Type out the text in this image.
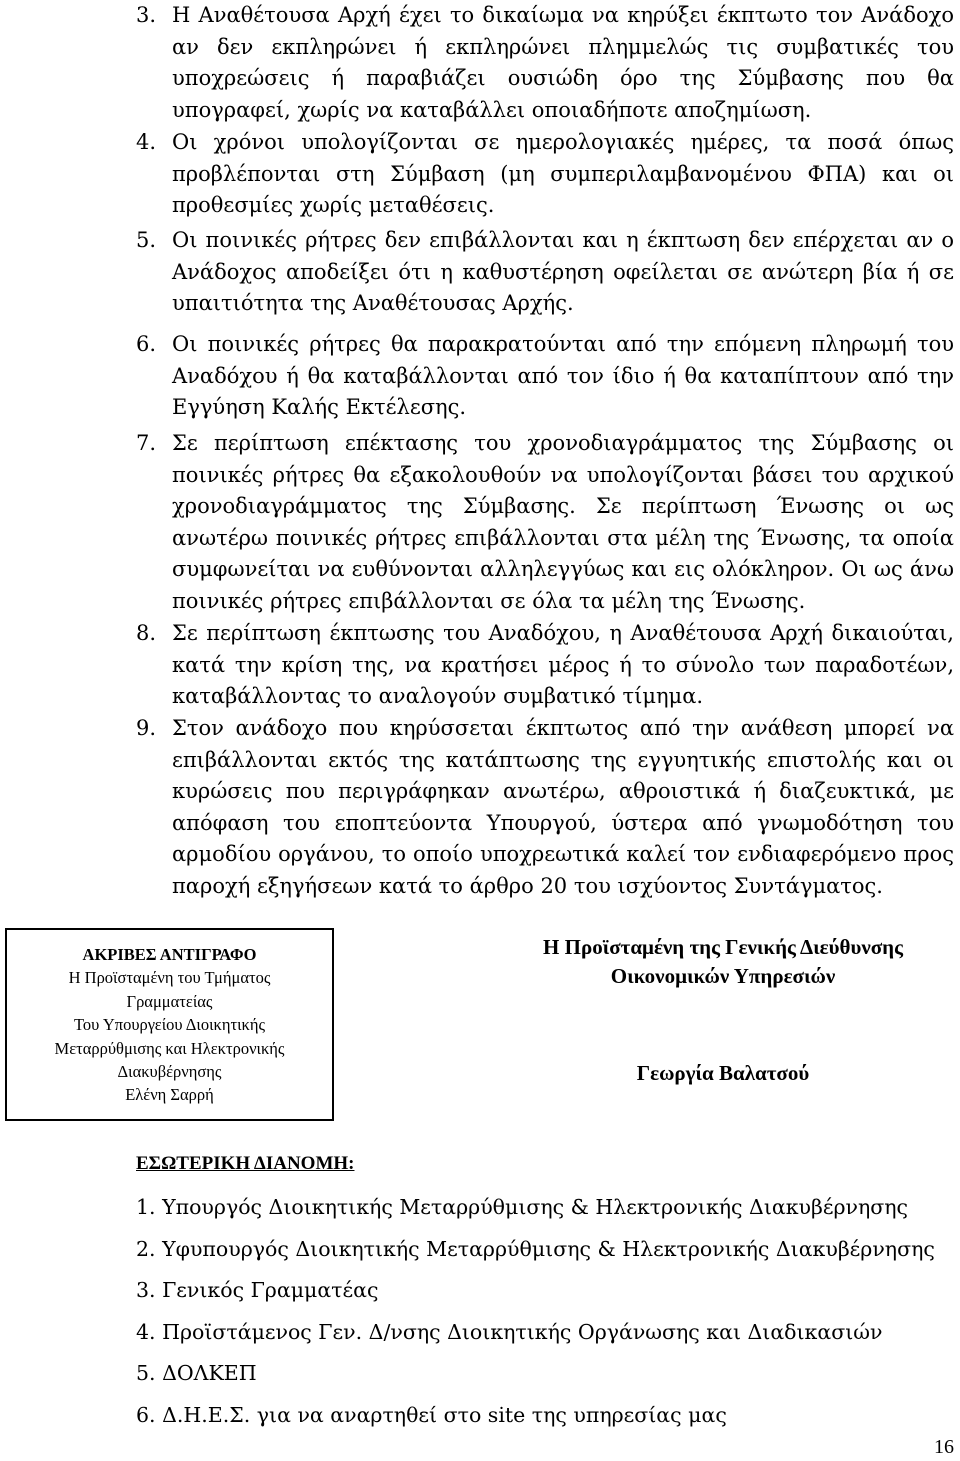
3. Η Αναθέτουσα Αρχή έχει το δικαίωμα να κηρύξει έκπτωτο τον Ανάδοχο αν δεν εκπληρώνει ή εκπληρώνει πλημμελώς τις συμβατικές του υποχρεώσεις ή παραβιάζει ουσιώδη όρο της Σύμβασης που θα υπογραφεί, χωρίς να καταβάλλει οποιαδήποτε αποζημίωση.
4. Οι χρόνοι υπολογίζονται σε ημερολογιακές ημέρες, τα ποσά όπως προβλέπονται στη Σύμβαση (μη συμπεριλαμβανομένου ΦΠΑ) και οι προθεσμίες χωρίς μεταθέσεις.
5. Οι ποινικές ρήτρες δεν επιβάλλονται και η έκπτωση δεν επέρχεται αν ο Ανάδοχος αποδείξει ότι η καθυστέρηση οφείλεται σε ανώτερη βία ή σε υπαιτιότητα της Αναθέτουσας Αρχής.
6. Οι ποινικές ρήτρες θα παρακρατούνται από την επόμενη πληρωμή του Αναδόχου ή θα καταβάλλονται από τον ίδιο ή θα καταπίπτουν από την Εγγύηση Καλής Εκτέλεσης.
7. Σε περίπτωση επέκτασης του χρονοδιαγράμματος της Σύμβασης οι ποινικές ρήτρες θα εξακολουθούν να υπολογίζονται βάσει του αρχικού χρονοδιαγράμματος της Σύμβασης. Σε περίπτωση Ένωσης οι ως ανωτέρω ποινικές ρήτρες επιβάλλονται στα μέλη της Ένωσης, τα οποία συμφωνείται να ευθύνονται αλληλεγγύως και εις ολόκληρον. Οι ως άνω ποινικές ρήτρες επιβάλλονται σε όλα τα μέλη της Ένωσης.
8. Σε περίπτωση έκπτωσης του Αναδόχου, η Αναθέτουσα Αρχή δικαιούται, κατά την κρίση της, να κρατήσει μέρος ή το σύνολο των παραδοτέων, καταβάλλοντας το αναλογούν συμβατικό τίμημα.
9. Στον ανάδοχο που κηρύσσεται έκπτωτος από την ανάθεση μπορεί να επιβάλλονται εκτός της κατάπτωσης της εγγυητικής επιστολής και οι κυρώσεις που περιγράφηκαν ανωτέρω, αθροιστικά ή διαζευκτικά, με απόφαση του εποπτεύοντα Υπουργού, ύστερα από γνωμοδότηση του αρμοδίου οργάνου, το οποίο υποχρεωτικά καλεί τον ενδιαφερόμενο προς παροχή εξηγήσεων κατά το άρθρο 20 του ισχύοντος Συντάγματος.
ΑΚΡΙΒΕΣ ΑΝΤΙΓΡΑΦΟ
Η Προϊσταμένη του Τμήματος
Γραμματείας
Του Υπουργείου Διοικητικής
Μεταρρύθμισης και Ηλεκτρονικής
Διακυβέρνησης
Ελένη Σαρρή
Η Προϊσταμένη της Γενικής Διεύθυνσης
Οικονομικών Υπηρεσιών
Γεωργία Βαλατσού
ΕΣΩΤΕΡΙΚΗ ΔΙΑΝΟΜΗ:
1. Υπουργός Διοικητικής Μεταρρύθμισης & Ηλεκτρονικής Διακυβέρνησης
2. Υφυπουργός Διοικητικής Μεταρρύθμισης & Ηλεκτρονικής Διακυβέρνησης
3. Γενικός Γραμματέας
4. Προϊστάμενος Γεν. Δ/νσης Διοικητικής Οργάνωσης και Διαδικασιών
5. ΔΟΛΚΕΠ
6. Δ.Η.Ε.Σ. για να αναρτηθεί στο site της υπηρεσίας μας
16
